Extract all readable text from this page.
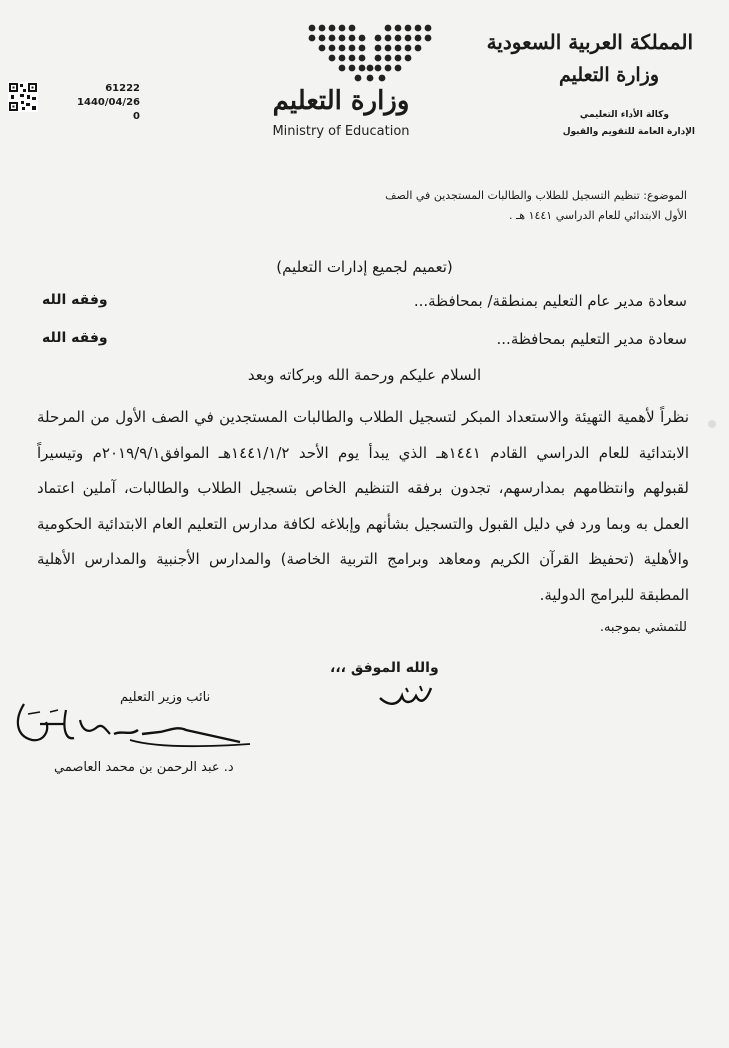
المملكة العربية السعودية
وزارة التعليم
وكالة الأداء التعليمي
الإدارة العامة للتقويم والقبول
وزارة التعليم
Ministry of Education
61222
1440/04/26
0
الموضوع: تنظيم التسجيل للطلاب والطالبات المستجدين في الصف
الأول الابتدائي للعام الدراسي ١٤٤١ هـ .
(تعميم لجميع إدارات التعليم)
سعادة مدير عام التعليم بمنطقة/ بمحافظة...
وفقه الله
سعادة مدير التعليم بمحافظة...
وفقه الله
السلام عليكم ورحمة الله وبركاته وبعد
نظراً لأهمية التهيئة والاستعداد المبكر لتسجيل الطلاب والطالبات المستجدين في الصف الأول من المرحلة الابتدائية للعام الدراسي القادم ١٤٤١هـ الذي يبدأ يوم الأحد ١٤٤١/١/٢هـ الموافق٢٠١٩/٩/١م وتيسيراً لقبولهم وانتظامهم بمدارسهم، تجدون برفقه التنظيم الخاص بتسجيل الطلاب والطالبات، آملين اعتماد العمل به وبما ورد في دليل القبول والتسجيل بشأنهم وإبلاغه لكافة مدارس التعليم العام الابتدائية الحكومية والأهلية (تحفيظ القرآن الكريم ومعاهد وبرامج التربية الخاصة) والمدارس الأجنبية والمدارس الأهلية المطبقة للبرامج الدولية.
للتمشي بموجبه.
والله الموفق ،،،
نائب وزير التعليم
د. عبد الرحمن بن محمد العاصمي
